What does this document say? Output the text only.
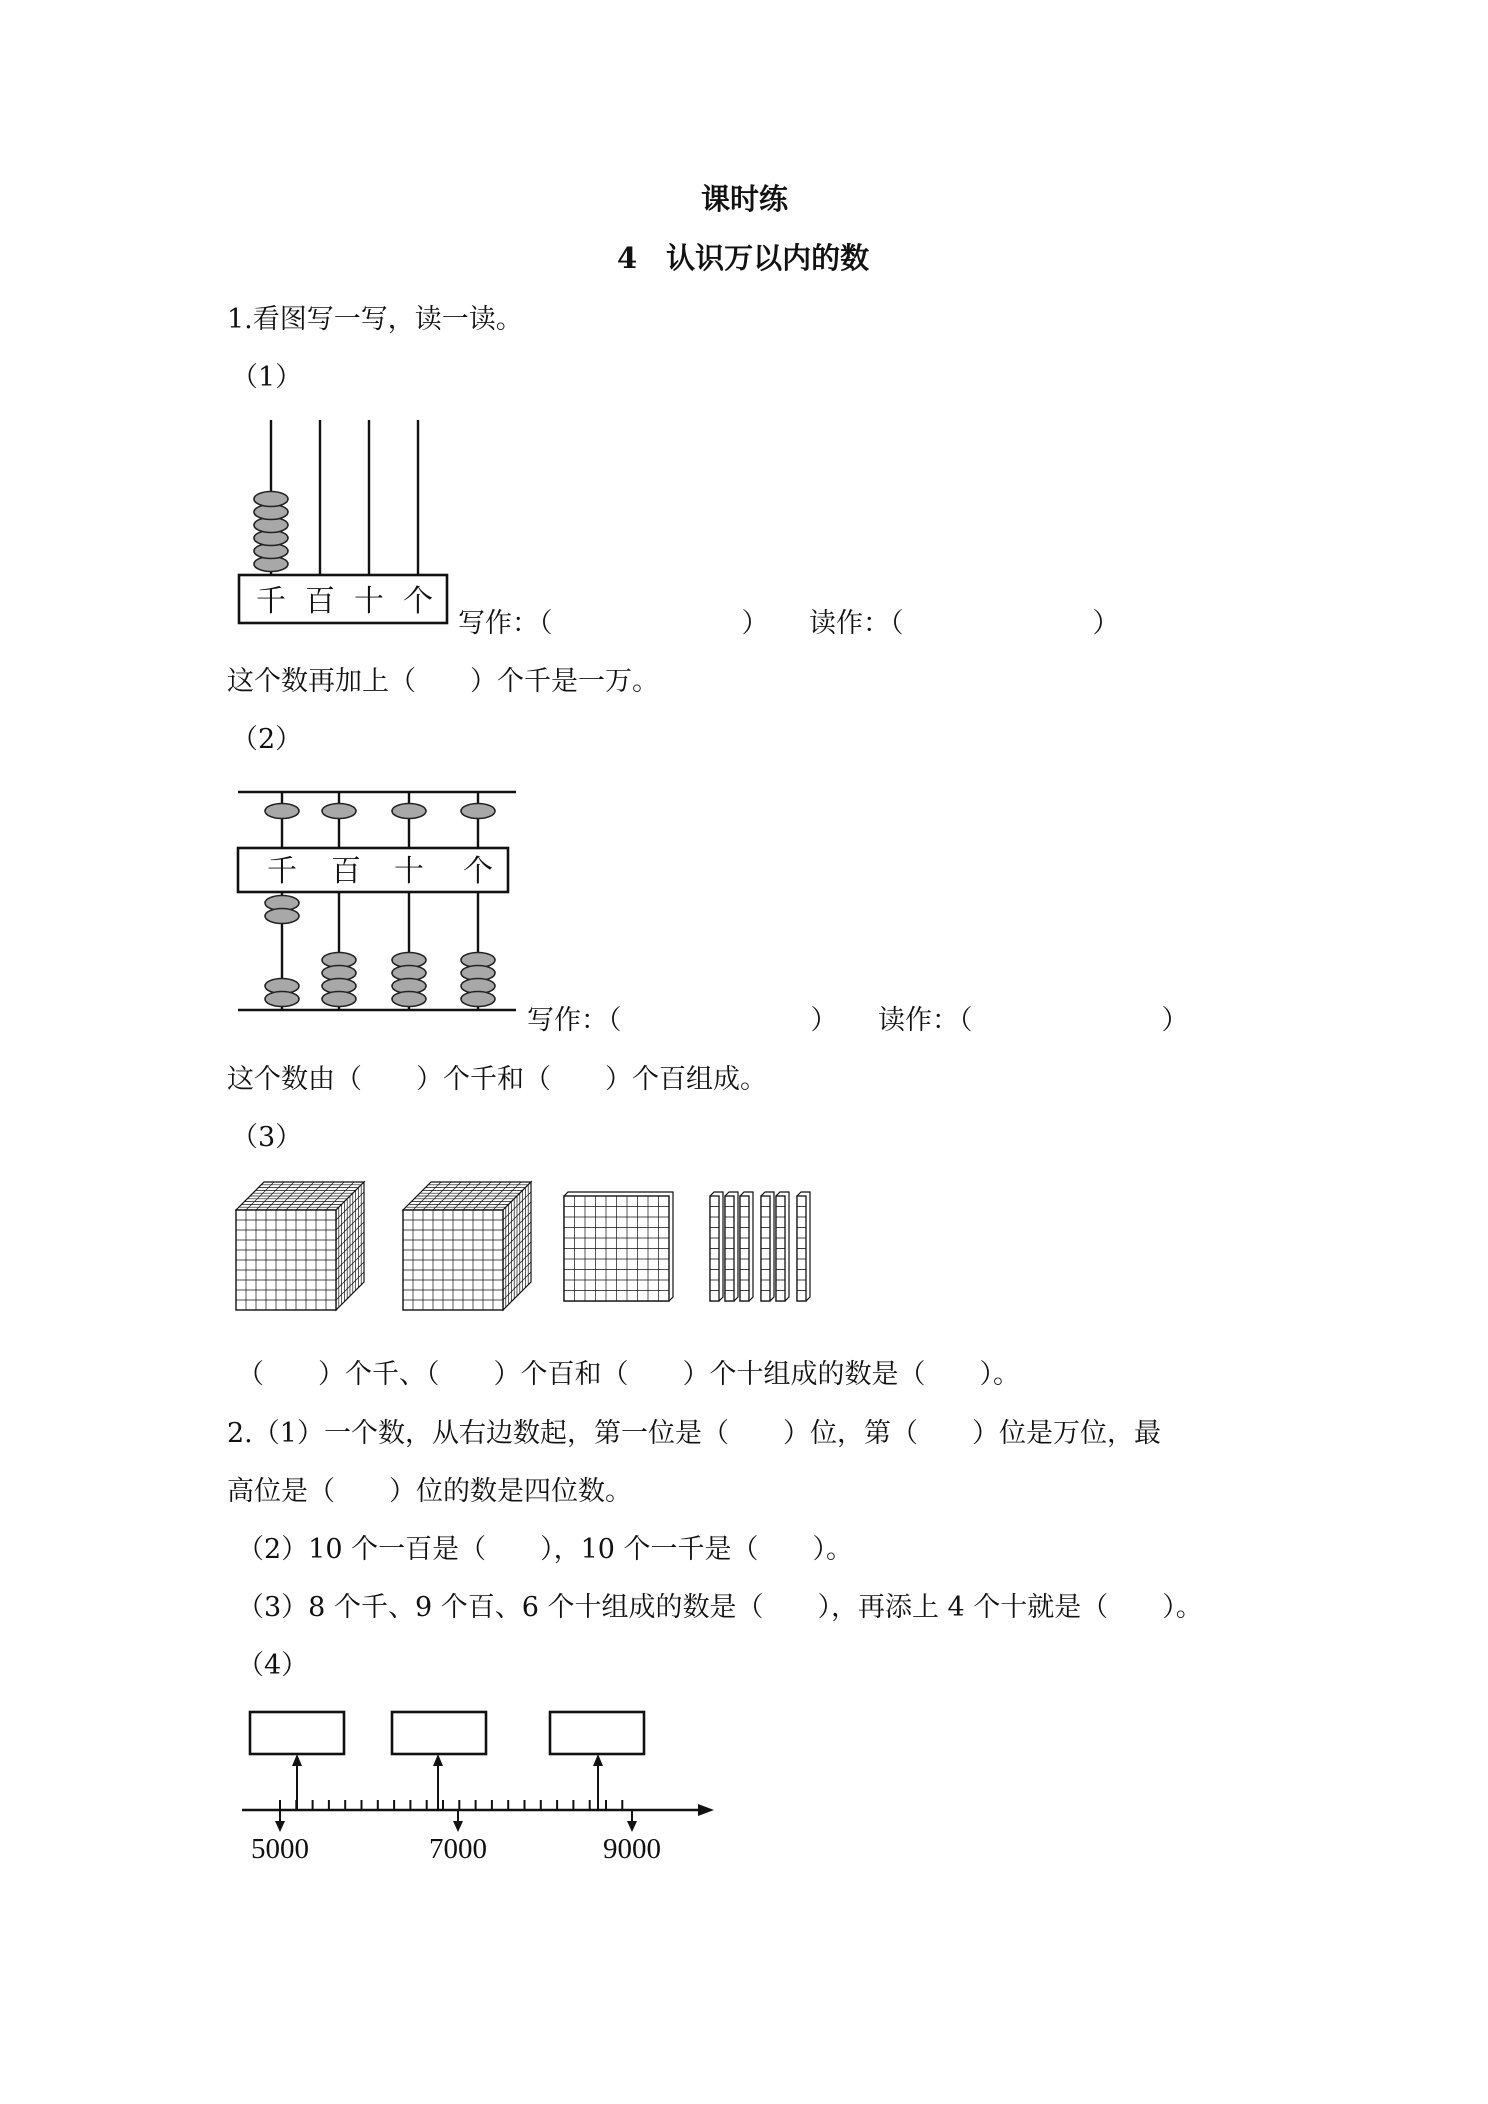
课时练
4　认识万以内的数
1.看图写一写，读一读。
（1）
千 百 十 个
写作：（　　　　　　　）　　读作：（　　　　　　　）
这个数再加上（　　）个千是一万。
（2）
千 百 十 个
写作：（　　　　　　　）　　读作：（　　　　　　　）
这个数由（　　）个千和（　　）个百组成。
（3）
（　　）个千、（　　）个百和（　　）个十组成的数是（　　）。
2.（1）一个数，从右边数起，第一位是（　　）位，第（　　）位是万位，最
高位是（　　）位的数是四位数。
（2）10 个一百是（　　），10 个一千是（　　）。
（3）8 个千、9 个百、6 个十组成的数是（　　），再添上 4 个十就是（　　）。
（4）
5000	7000	9000
